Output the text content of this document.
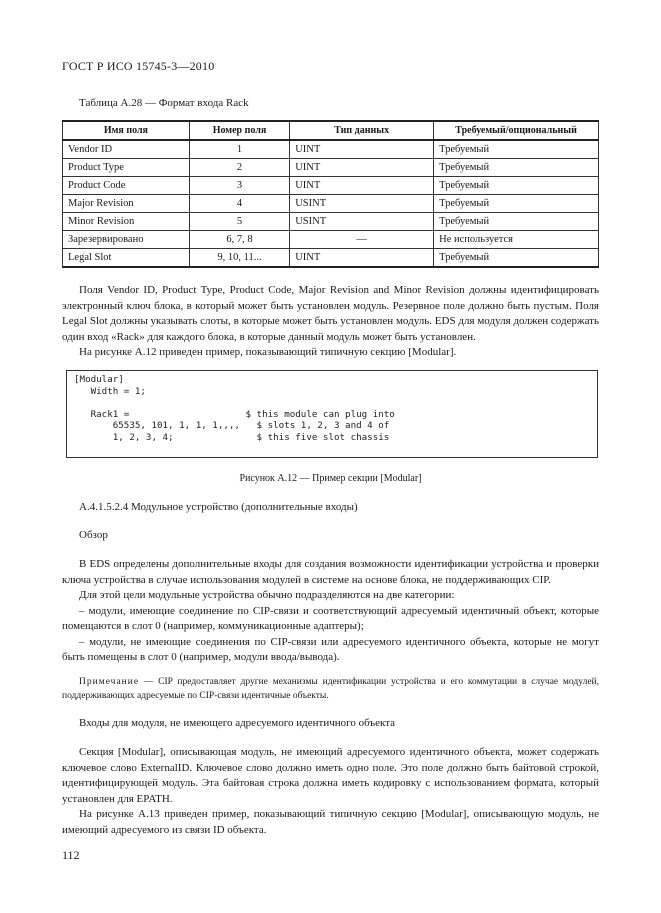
ГОСТ Р ИСО 15745-3—2010
Таблица А.28 — Формат входа Rack
Имя поля	Номер поля	Тип данных	Требуемый/опциональный
Vendor ID	1	UINT	Требуемый
Product Type	2	UINT	Требуемый
Product Code	3	UINT	Требуемый
Major Revision	4	USINT	Требуемый
Minor Revision	5	USINT	Требуемый
Зарезервировано	6, 7, 8	—	Не используется
Legal Slot	9, 10, 11...	UINT	Требуемый

Поля Vendor ID, Product Type, Product Code, Major Revision and Minor Revision должны идентифицировать электронный ключ блока, в который может быть установлен модуль. Резервное поле должно быть пустым. Поля Legal Slot должны указывать слоты, в которые может быть установлен модуль. EDS для модуля должен содержать один вход «Rack» для каждого блока, в которые данный модуль может быть установлен.

На рисунке А.12 приведен пример, показывающий типичную секцию [Modular].

[Modular]
Width = 1;

Rack1 =                     $ this module can plug into
65535, 101, 1, 1, 1,,,,   $ slots 1, 2, 3 and 4 of
1, 2, 3, 4;               $ this five slot chassis
Рисунок А.12 — Пример секции [Modular]
А.4.1.5.2.4 Модульное устройство (дополнительные входы)
Обзор

В EDS определены дополнительные входы для создания возможности идентификации устройства и проверки ключа устройства в случае использования модулей в системе на основе блока, не поддерживающих CIP.

Для этой цели модульные устройства обычно подразделяются на две категории:

– модули, имеющие соединение по CIP-связи и соответствующий адресуемый идентичный объект, которые помещаются в слот 0 (например, коммуникационные адаптеры);

– модули, не имеющие соединения по CIP-связи или адресуемого идентичного объекта, которые не могут быть помещены в слот 0 (например, модули ввода/вывода).

Примечание — CIP предоставляет другие механизмы идентификации устройства и его коммутации в случае модулей, поддерживающих адресуемые по CIP-связи идентичные объекты.
Входы для модуля, не имеющего адресуемого идентичного объекта

Секция [Modular], описывающая модуль, не имеющий адресуемого идентичного объекта, может содержать ключевое слово ExternalID. Ключевое слово должно иметь одно поле. Это поле должно быть байтовой строкой, идентифицирующей модуль. Эта байтовая строка должна иметь кодировку с использованием формата, который установлен для EPATH.

На рисунке А.13 приведен пример, показывающий типичную секцию [Modular], описывающую модуль, не имеющий адресуемого из связи ID объекта.

112
